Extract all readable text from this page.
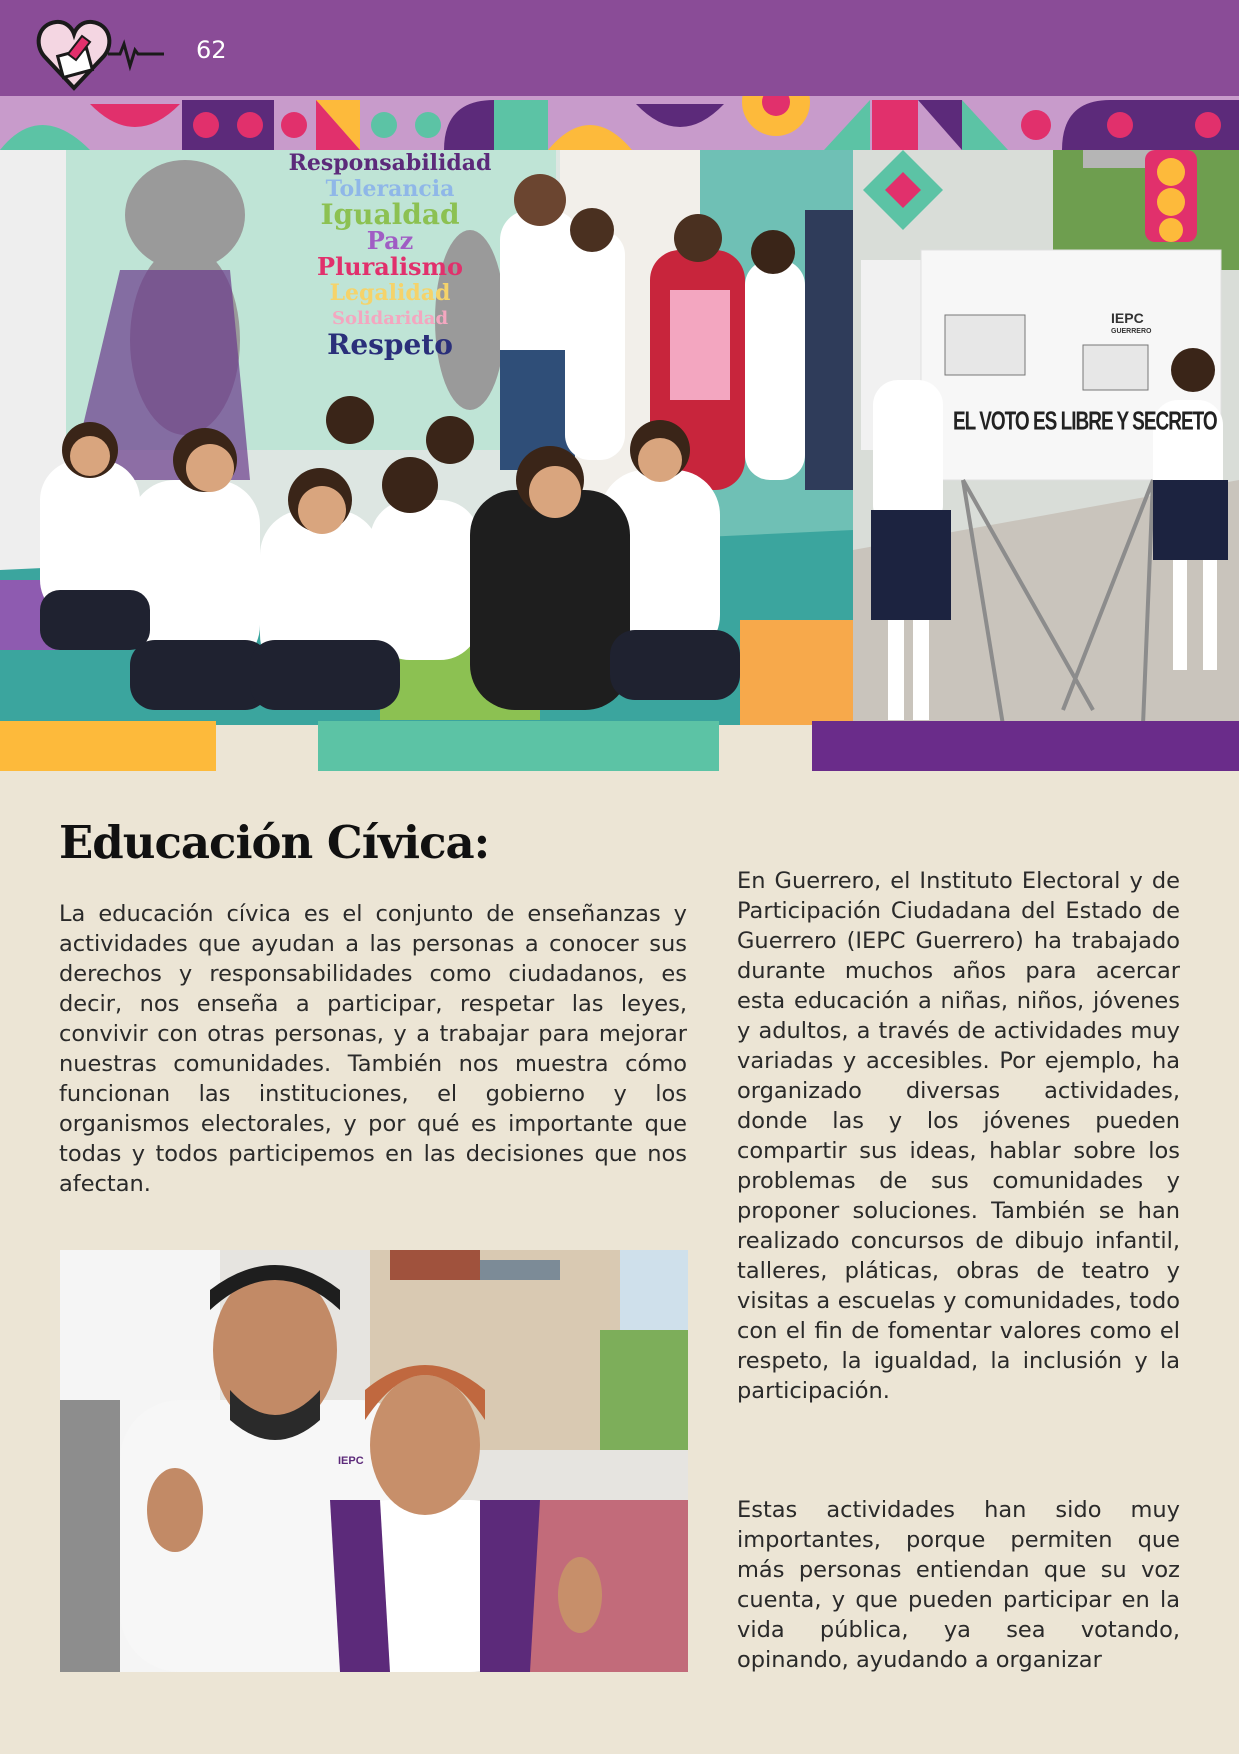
62
Responsabilidad
Tolerancia
Igualdad
Paz
Pluralismo
Legalidad
Solidaridad
Respeto
IEPC
GUERRERO
EL VOTO ES LIBRE Y SECRETO
Educación Cívica:

La educación cívica es el conjunto de enseñanzas y actividades que ayudan a las personas a conocer sus derechos y responsabilidades como ciudadanos, es decir, nos enseña a participar, respetar las leyes, convivir con otras personas, y a trabajar para mejorar nuestras comunidades. También nos muestra cómo funcionan las instituciones, el gobierno y los organismos electorales, y por qué es importante que todas y todos participemos en las decisiones que nos afectan.

IEPC

En Guerrero, el Instituto Electoral y de Participación Ciudadana del Estado de Guerrero (IEPC Guerrero) ha trabajado durante muchos años para acercar esta educación a niñas, niños, jóvenes y adultos, a través de actividades muy variadas y accesibles. Por ejemplo, ha organizado diversas actividades, donde las y los jóvenes pueden compartir sus ideas, hablar sobre los problemas de sus comunidades y proponer soluciones. También se han realizado concursos de dibujo infantil, talleres, pláticas, obras de teatro y visitas a escuelas y comunidades, todo con el fin de fomentar valores como el respeto, la igualdad, la inclusión y la participación.

Estas actividades han sido muy importantes, porque permiten que más personas entiendan que su voz cuenta, y que pueden participar en la vida pública, ya sea votando, opinando, ayudando a organizar
